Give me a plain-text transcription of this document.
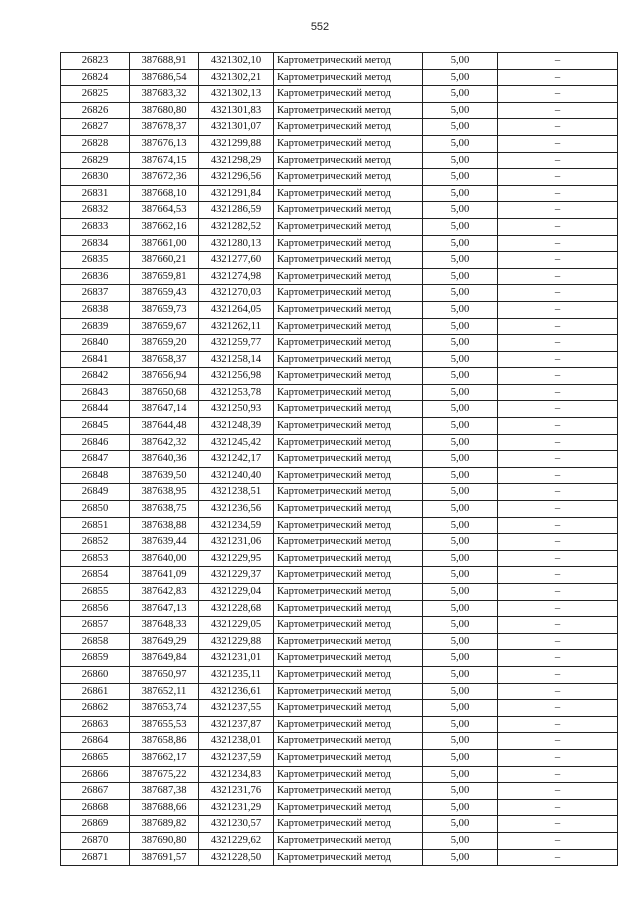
552
26823	387688,91	4321302,10	Картометрический метод	5,00	–
26824	387686,54	4321302,21	Картометрический метод	5,00	–
26825	387683,32	4321302,13	Картометрический метод	5,00	–
26826	387680,80	4321301,83	Картометрический метод	5,00	–
26827	387678,37	4321301,07	Картометрический метод	5,00	–
26828	387676,13	4321299,88	Картометрический метод	5,00	–
26829	387674,15	4321298,29	Картометрический метод	5,00	–
26830	387672,36	4321296,56	Картометрический метод	5,00	–
26831	387668,10	4321291,84	Картометрический метод	5,00	–
26832	387664,53	4321286,59	Картометрический метод	5,00	–
26833	387662,16	4321282,52	Картометрический метод	5,00	–
26834	387661,00	4321280,13	Картометрический метод	5,00	–
26835	387660,21	4321277,60	Картометрический метод	5,00	–
26836	387659,81	4321274,98	Картометрический метод	5,00	–
26837	387659,43	4321270,03	Картометрический метод	5,00	–
26838	387659,73	4321264,05	Картометрический метод	5,00	–
26839	387659,67	4321262,11	Картометрический метод	5,00	–
26840	387659,20	4321259,77	Картометрический метод	5,00	–
26841	387658,37	4321258,14	Картометрический метод	5,00	–
26842	387656,94	4321256,98	Картометрический метод	5,00	–
26843	387650,68	4321253,78	Картометрический метод	5,00	–
26844	387647,14	4321250,93	Картометрический метод	5,00	–
26845	387644,48	4321248,39	Картометрический метод	5,00	–
26846	387642,32	4321245,42	Картометрический метод	5,00	–
26847	387640,36	4321242,17	Картометрический метод	5,00	–
26848	387639,50	4321240,40	Картометрический метод	5,00	–
26849	387638,95	4321238,51	Картометрический метод	5,00	–
26850	387638,75	4321236,56	Картометрический метод	5,00	–
26851	387638,88	4321234,59	Картометрический метод	5,00	–
26852	387639,44	4321231,06	Картометрический метод	5,00	–
26853	387640,00	4321229,95	Картометрический метод	5,00	–
26854	387641,09	4321229,37	Картометрический метод	5,00	–
26855	387642,83	4321229,04	Картометрический метод	5,00	–
26856	387647,13	4321228,68	Картометрический метод	5,00	–
26857	387648,33	4321229,05	Картометрический метод	5,00	–
26858	387649,29	4321229,88	Картометрический метод	5,00	–
26859	387649,84	4321231,01	Картометрический метод	5,00	–
26860	387650,97	4321235,11	Картометрический метод	5,00	–
26861	387652,11	4321236,61	Картометрический метод	5,00	–
26862	387653,74	4321237,55	Картометрический метод	5,00	–
26863	387655,53	4321237,87	Картометрический метод	5,00	–
26864	387658,86	4321238,01	Картометрический метод	5,00	–
26865	387662,17	4321237,59	Картометрический метод	5,00	–
26866	387675,22	4321234,83	Картометрический метод	5,00	–
26867	387687,38	4321231,76	Картометрический метод	5,00	–
26868	387688,66	4321231,29	Картометрический метод	5,00	–
26869	387689,82	4321230,57	Картометрический метод	5,00	–
26870	387690,80	4321229,62	Картометрический метод	5,00	–
26871	387691,57	4321228,50	Картометрический метод	5,00	–
